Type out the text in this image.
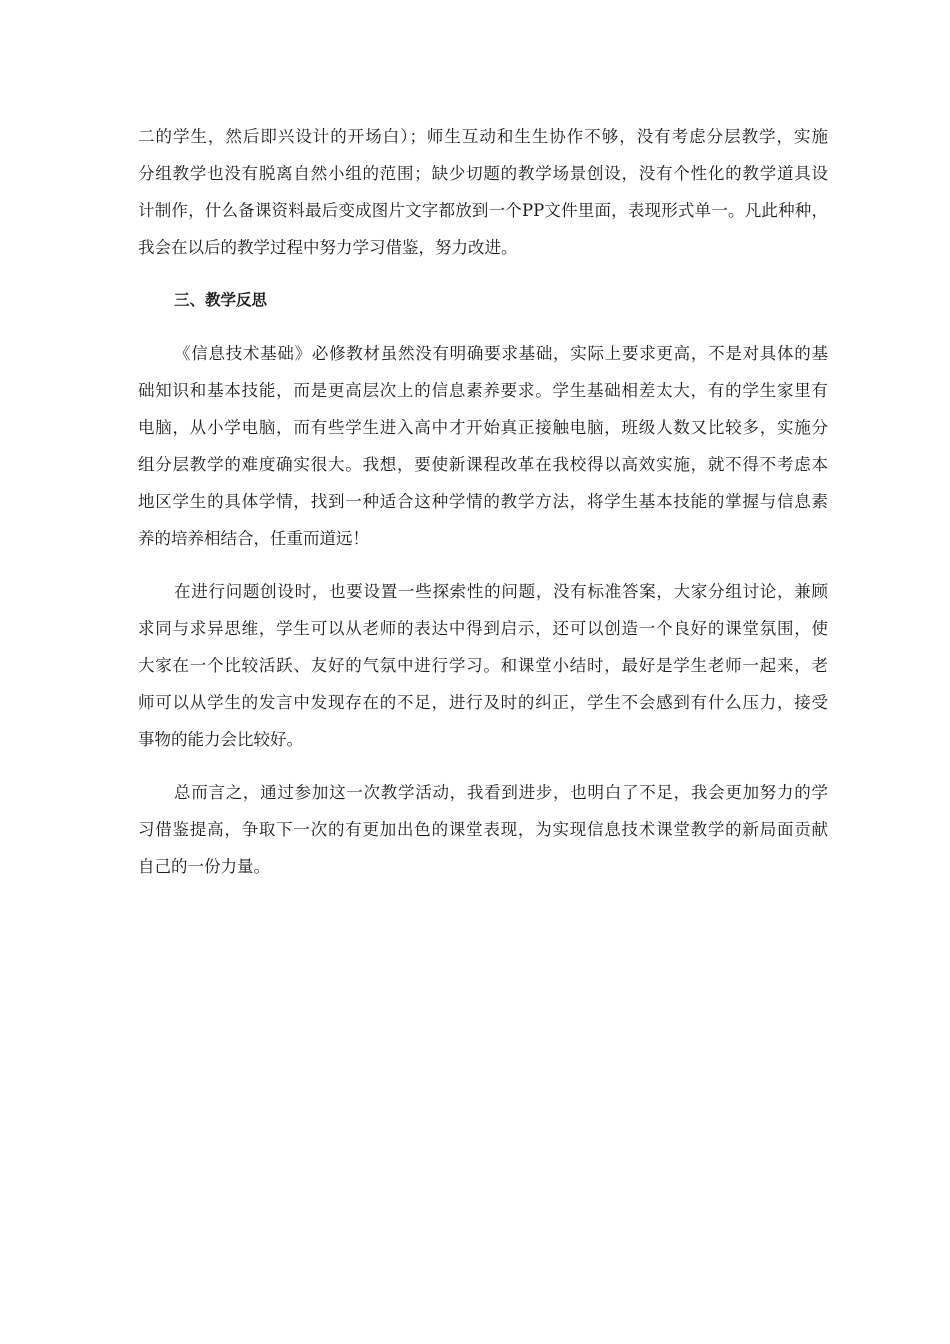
二的学生，然后即兴设计的开场白）；师生互动和生生协作不够，没有考虑分层教学，实施
分组教学也没有脱离自然小组的范围；缺少切题的教学场景创设，没有个性化的教学道具设
计制作，什么备课资料最后变成图片文字都放到一个PP文件里面，表现形式单一。凡此种种，
我会在以后的教学过程中努力学习借鉴，努力改进。
三、教学反思
《信息技术基础》必修教材虽然没有明确要求基础，实际上要求更高，不是对具体的基
础知识和基本技能，而是更高层次上的信息素养要求。学生基础相差太大，有的学生家里有
电脑，从小学电脑，而有些学生进入高中才开始真正接触电脑，班级人数又比较多，实施分
组分层教学的难度确实很大。我想，要使新课程改革在我校得以高效实施，就不得不考虑本
地区学生的具体学情，找到一种适合这种学情的教学方法，将学生基本技能的掌握与信息素
养的培养相结合，任重而道远！
在进行问题创设时，也要设置一些探索性的问题，没有标准答案，大家分组讨论，兼顾
求同与求异思维，学生可以从老师的表达中得到启示，还可以创造一个良好的课堂氛围，使
大家在一个比较活跃、友好的气氛中进行学习。和课堂小结时，最好是学生老师一起来，老
师可以从学生的发言中发现存在的不足，进行及时的纠正，学生不会感到有什么压力，接受
事物的能力会比较好。
总而言之，通过参加这一次教学活动，我看到进步，也明白了不足，我会更加努力的学
习借鉴提高，争取下一次的有更加出色的课堂表现，为实现信息技术课堂教学的新局面贡献
自己的一份力量。
